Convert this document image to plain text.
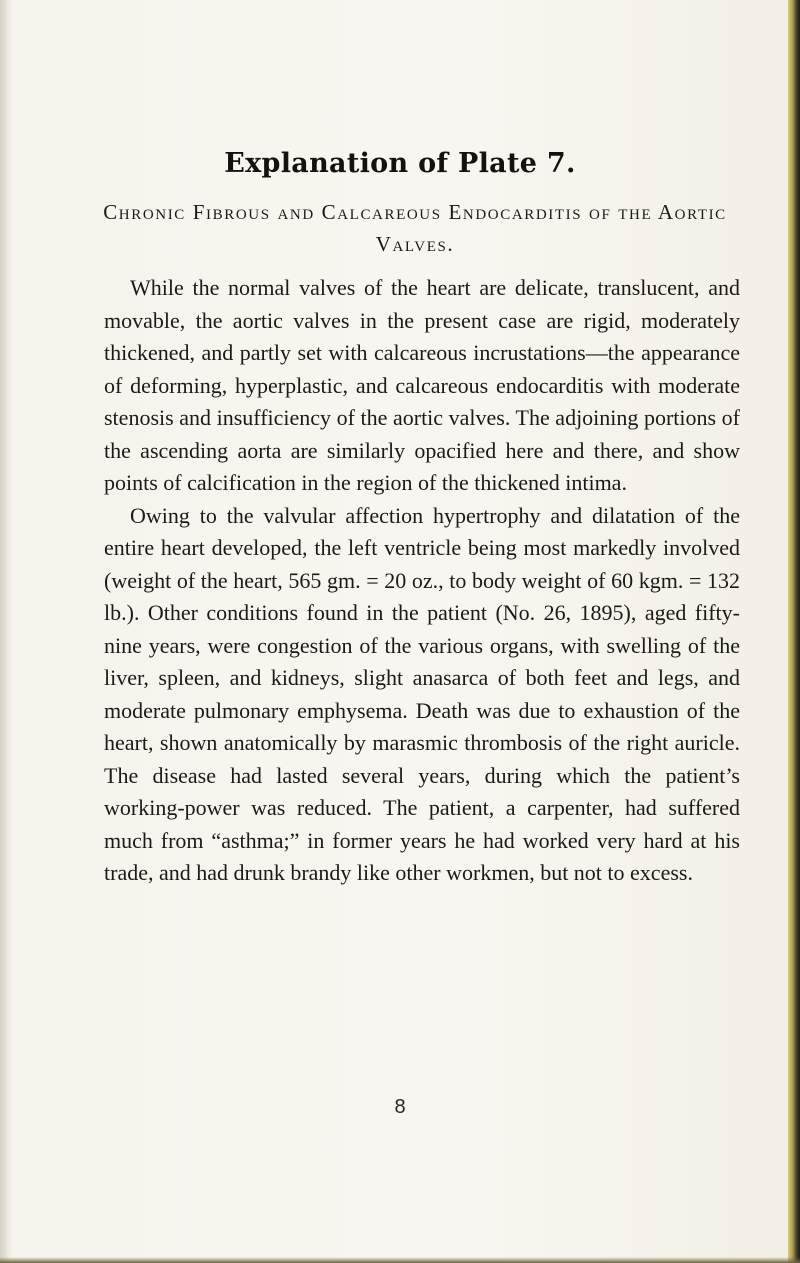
Explanation of Plate 7.
Chronic Fibrous and Calcareous Endocarditis of the Aortic Valves.

While the normal valves of the heart are delicate, translucent, and movable, the aortic valves in the present case are rigid, moderately thickened, and partly set with calcareous incrustations—the appearance of deforming, hyperplastic, and calcareous endocarditis with moderate stenosis and insufficiency of the aortic valves. The adjoining portions of the ascending aorta are similarly opacified here and there, and show points of calcification in the region of the thickened intima.

Owing to the valvular affection hypertrophy and dilatation of the entire heart developed, the left ventricle being most markedly involved (weight of the heart, 565 gm. = 20 oz., to body weight of 60 kgm. = 132 lb.). Other conditions found in the patient (No. 26, 1895), aged fifty-nine years, were congestion of the various organs, with swelling of the liver, spleen, and kidneys, slight anasarca of both feet and legs, and moderate pulmonary emphysema. Death was due to exhaustion of the heart, shown anatomically by marasmic thrombosis of the right auricle. The disease had lasted several years, during which the patient’s working-power was reduced. The patient, a carpenter, had suffered much from “asthma;” in former years he had worked very hard at his trade, and had drunk brandy like other workmen, but not to excess.

8
